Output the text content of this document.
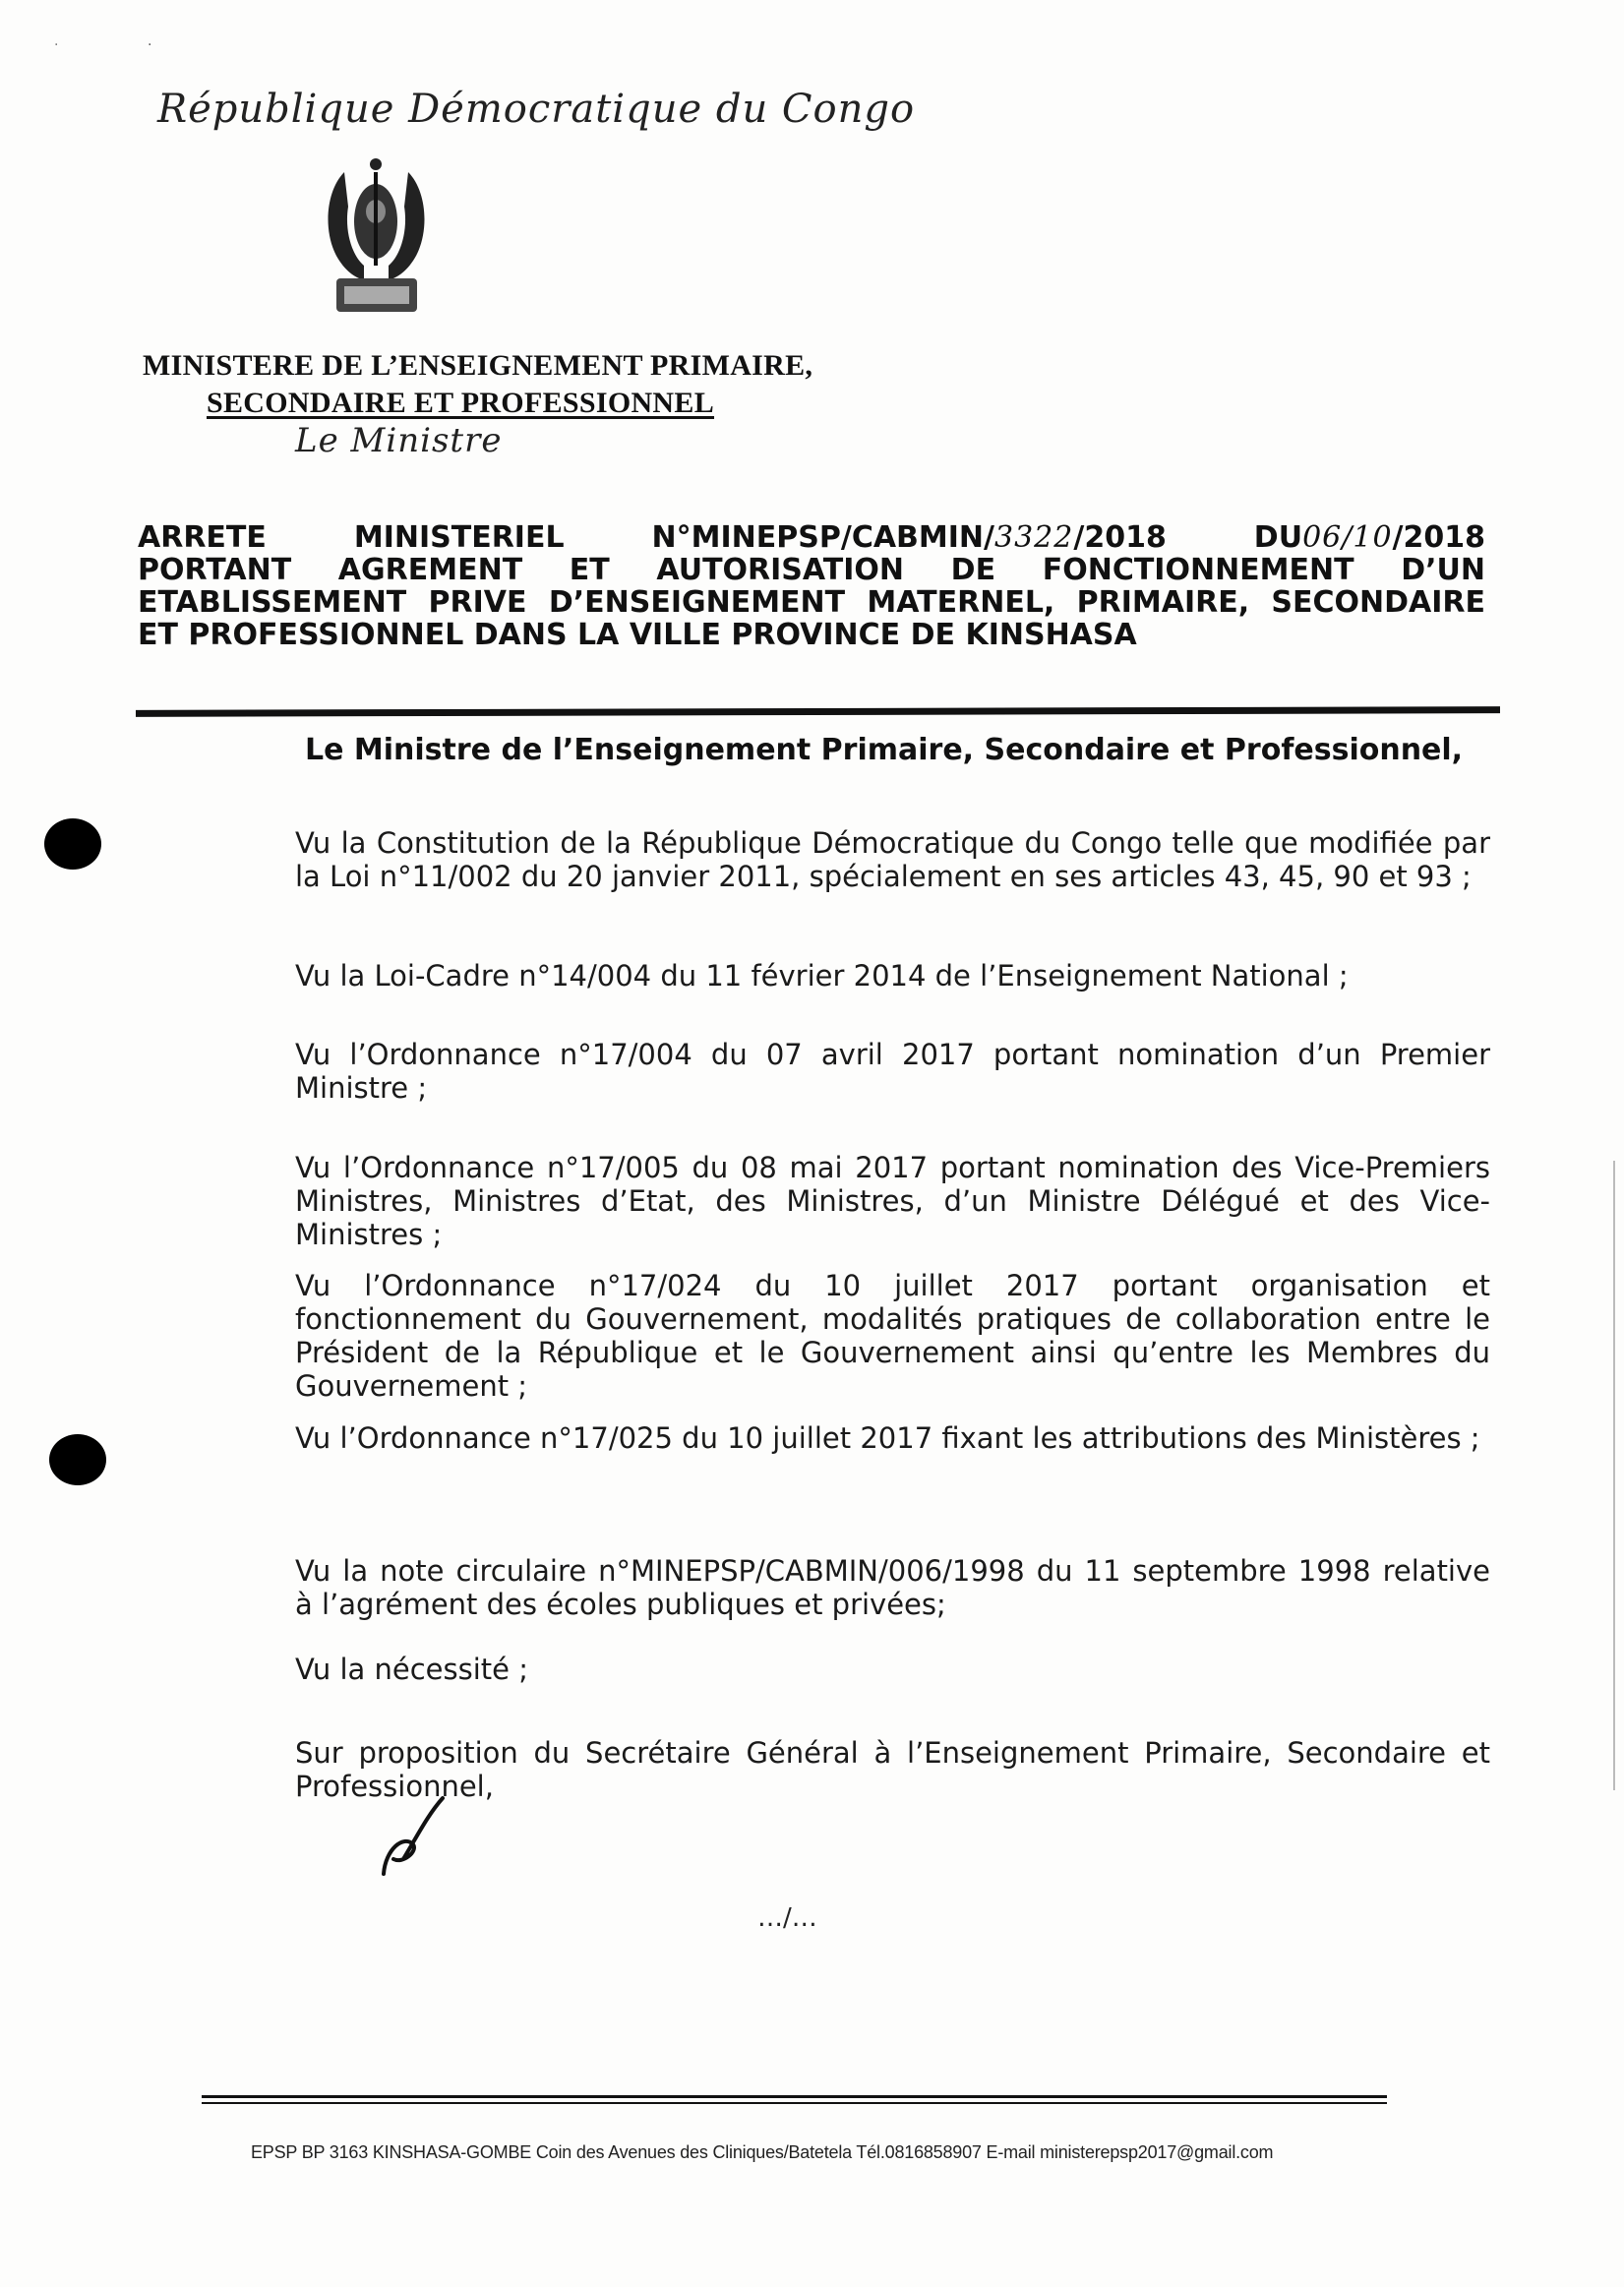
·	·
République Démocratique du Congo
MINISTERE DE L’ENSEIGNEMENT PRIMAIRE,
SECONDAIRE ET PROFESSIONNEL
Le Ministre
ARRETE MINISTERIEL N°MINEPSP/CABMIN/3322/2018 DU06/10/2018
PORTANT AGREMENT ET AUTORISATION DE FONCTIONNEMENT D’UN
ETABLISSEMENT PRIVE D’ENSEIGNEMENT MATERNEL, PRIMAIRE, SECONDAIRE
ET PROFESSIONNEL DANS LA VILLE PROVINCE DE KINSHASA
Le Ministre de l’Enseignement Primaire, Secondaire et Professionnel,
Vu la Constitution de la République Démocratique du Congo telle que modifiée par la Loi n°11/002 du 20 janvier 2011, spécialement en ses articles 43, 45, 90 et 93 ;
Vu la Loi-Cadre n°14/004 du 11 février 2014 de l’Enseignement National ;
Vu l’Ordonnance n°17/004 du 07 avril 2017 portant nomination d’un Premier Ministre ;
Vu l’Ordonnance n°17/005 du 08 mai 2017 portant nomination des Vice-Premiers Ministres, Ministres d’Etat, des Ministres, d’un Ministre Délégué et des Vice-Ministres ;
Vu l’Ordonnance n°17/024 du 10 juillet 2017 portant organisation et fonctionnement du Gouvernement, modalités pratiques de collaboration entre le Président de la République et le Gouvernement ainsi qu’entre les Membres du Gouvernement ;
Vu l’Ordonnance n°17/025 du 10 juillet 2017 fixant les attributions des Ministères ;
Vu la note circulaire n°MINEPSP/CABMIN/006/1998 du 11 septembre 1998 relative à l’agrément des écoles publiques et privées;
Vu la nécessité ;
Sur proposition du Secrétaire Général à l’Enseignement Primaire, Secondaire et Professionnel,
…/…
EPSP BP 3163 KINSHASA-GOMBE Coin des Avenues des Cliniques/Batetela Tél.0816858907 E-mail ministerepsp2017@gmail.com
